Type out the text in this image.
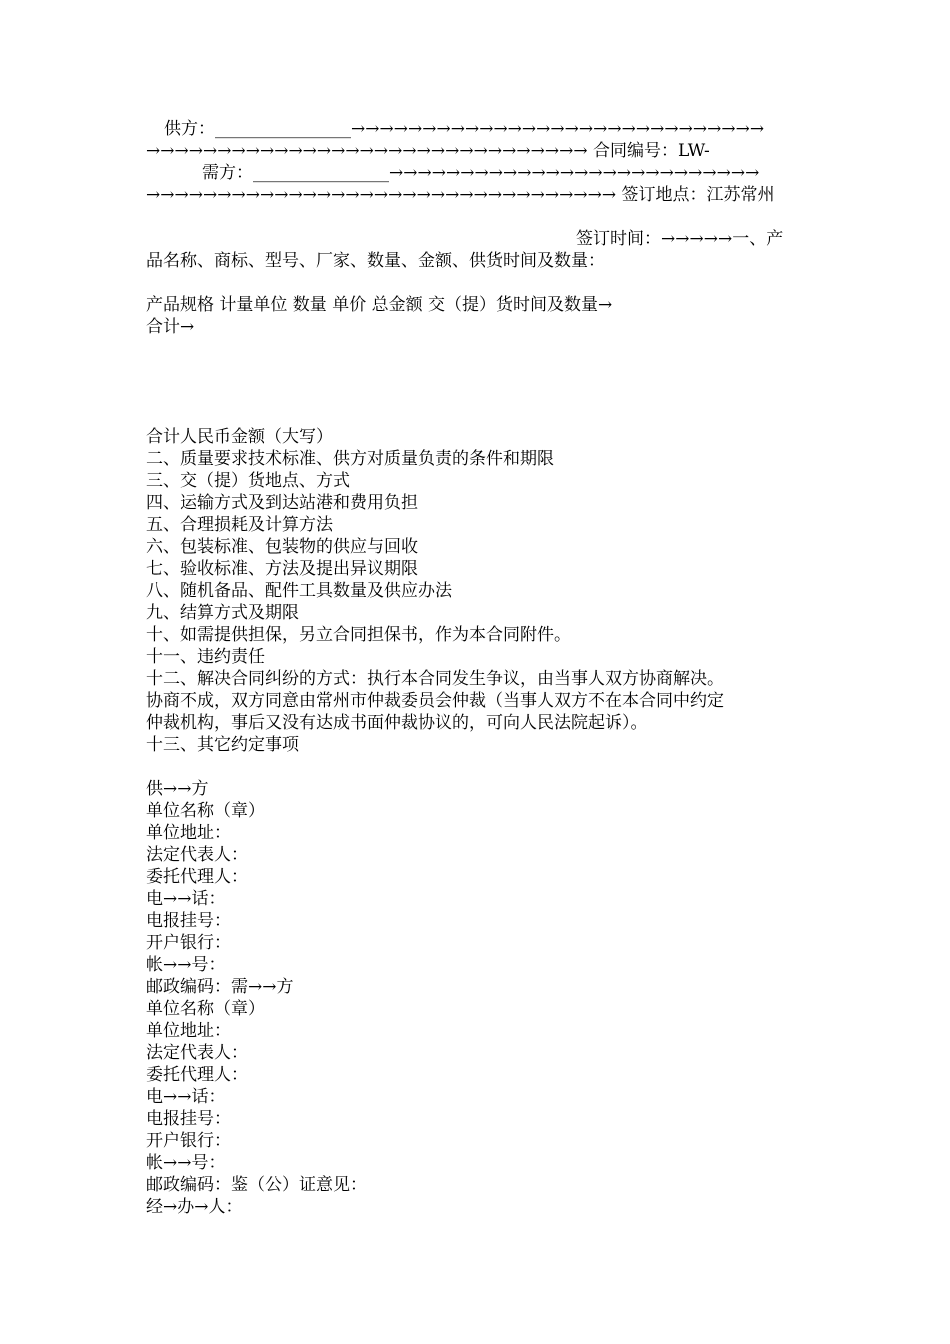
供方：________________→→→→→→→→→→→→→→→→→→→→→→→→→→→→→
→→→→→→→→→→→→→→→→→→→→→→→→→→→→→→→ 合同编号：LW-
需方：________________→→→→→→→→→→→→→→→→→→→→→→→→→→
→→→→→→→→→→→→→→→→→→→→→→→→→→→→→→→→→ 签订地点：江苏常州
签订时间：→→→→→一、产
品名称、商标、型号、厂家、数量、金额、供货时间及数量：
产品规格 计量单位 数量 单价 总金额 交（提）货时间及数量→
合计→
合计人民币金额（大写）
二、质量要求技术标准、供方对质量负责的条件和期限
三、交（提）货地点、方式
四、运输方式及到达站港和费用负担
五、合理损耗及计算方法
六、包装标准、包装物的供应与回收
七、验收标准、方法及提出异议期限
八、随机备品、配件工具数量及供应办法
九、结算方式及期限
十、如需提供担保，另立合同担保书，作为本合同附件。
十一、违约责任
十二、解决合同纠纷的方式：执行本合同发生争议，由当事人双方协商解决。
协商不成，双方同意由常州市仲裁委员会仲裁（当事人双方不在本合同中约定
仲裁机构，事后又没有达成书面仲裁协议的，可向人民法院起诉）。
十三、其它约定事项
供→→方
单位名称（章）
单位地址：
法定代表人：
委托代理人：
电→→话：
电报挂号：
开户银行：
帐→→号：
邮政编码：需→→方
单位名称（章）
单位地址：
法定代表人：
委托代理人：
电→→话：
电报挂号：
开户银行：
帐→→号：
邮政编码：鉴（公）证意见：
经→办→人：
